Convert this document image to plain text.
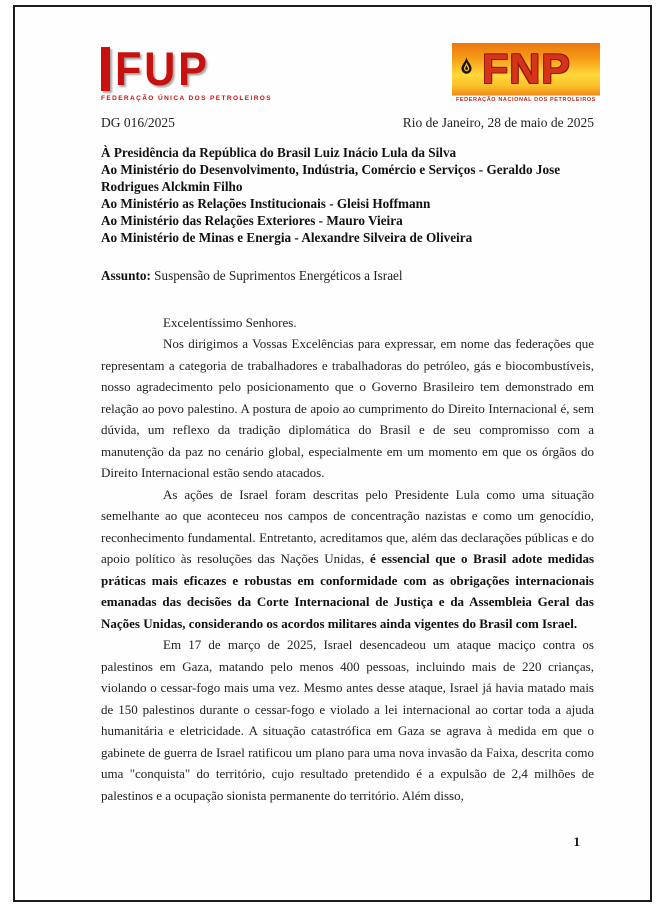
FUP
FEDERAÇÃO ÚNICA DOS PETROLEIROS
FNP
FEDERAÇÃO NACIONAL DOS PETROLEIROS
DG 016/2025	Rio de Janeiro, 28 de maio de 2025

À Presidência da República do Brasil Luiz Inácio Lula da Silva

Ao Ministério do Desenvolvimento, Indústria, Comércio e Serviços - Geraldo Jose Rodrigues Alckmin Filho

Ao Ministério as Relações Institucionais - Gleisi Hoffmann

Ao Ministério das Relações Exteriores - Mauro Vieira

Ao Ministério de Minas e Energia - Alexandre Silveira de Oliveira

Assunto: Suspensão de Suprimentos Energéticos a Israel

Excelentíssimo Senhores.

Nos dirigimos a Vossas Excelências para expressar, em nome das federações que representam a categoria de trabalhadores e trabalhadoras do petróleo, gás e biocombustíveis, nosso agradecimento pelo posicionamento que o Governo Brasileiro tem demonstrado em relação ao povo palestino. A postura de apoio ao cumprimento do Direito Internacional é, sem dúvida, um reflexo da tradição diplomática do Brasil e de seu compromisso com a manutenção da paz no cenário global, especialmente em um momento em que os órgãos do Direito Internacional estão sendo atacados.

As ações de Israel foram descritas pelo Presidente Lula como uma situação semelhante ao que aconteceu nos campos de concentração nazistas e como um genocídio, reconhecimento fundamental. Entretanto, acreditamos que, além das declarações públicas e do apoio político às resoluções das Nações Unidas, é essencial que o Brasil adote medidas práticas mais eficazes e robustas em conformidade com as obrigações internacionais emanadas das decisões da Corte Internacional de Justiça e da Assembleia Geral das Nações Unidas, considerando os acordos militares ainda vigentes do Brasil com Israel.

Em 17 de março de 2025, Israel desencadeou um ataque maciço contra os palestinos em Gaza, matando pelo menos 400 pessoas, incluindo mais de 220 crianças, violando o cessar-fogo mais uma vez. Mesmo antes desse ataque, Israel já havia matado mais de 150 palestinos durante o cessar-fogo e violado a lei internacional ao cortar toda a ajuda humanitária e eletricidade. A situação catastrófica em Gaza se agrava à medida em que o gabinete de guerra de Israel ratificou um plano para uma nova invasão da Faixa, descrita como uma "conquista" do território, cujo resultado pretendido é a expulsão de 2,4 milhões de palestinos e a ocupação sionista permanente do território. Além disso,

1
